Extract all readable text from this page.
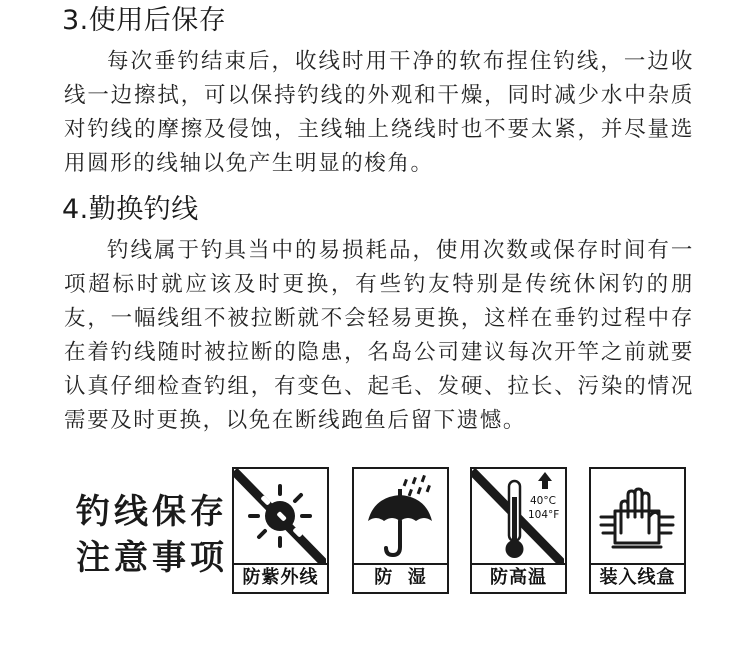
3.使用后保存

每次垂钓结束后，收线时用干净的软布捏住钓线，一边收线一边擦拭，可以保持钓线的外观和干燥，同时减少水中杂质对钓线的摩擦及侵蚀，主线轴上绕线时也不要太紧，并尽量选用圆形的线轴以免产生明显的梭角。

4.勤换钓线

钓线属于钓具当中的易损耗品，使用次数或保存时间有一项超标时就应该及时更换，有些钓友特别是传统休闲钓的朋友，一幅线组不被拉断就不会轻易更换，这样在垂钓过程中存在着钓线随时被拉断的隐患，名岛公司建议每次开竿之前就要认真仔细检查钓组，有变色、起毛、发硬、拉长、污染的情况需要及时更换，以免在断线跑鱼后留下遗憾。

钓线保存
注意事项 防紫外线	防  湿
40°C
104°F
防高温	装入线盒
